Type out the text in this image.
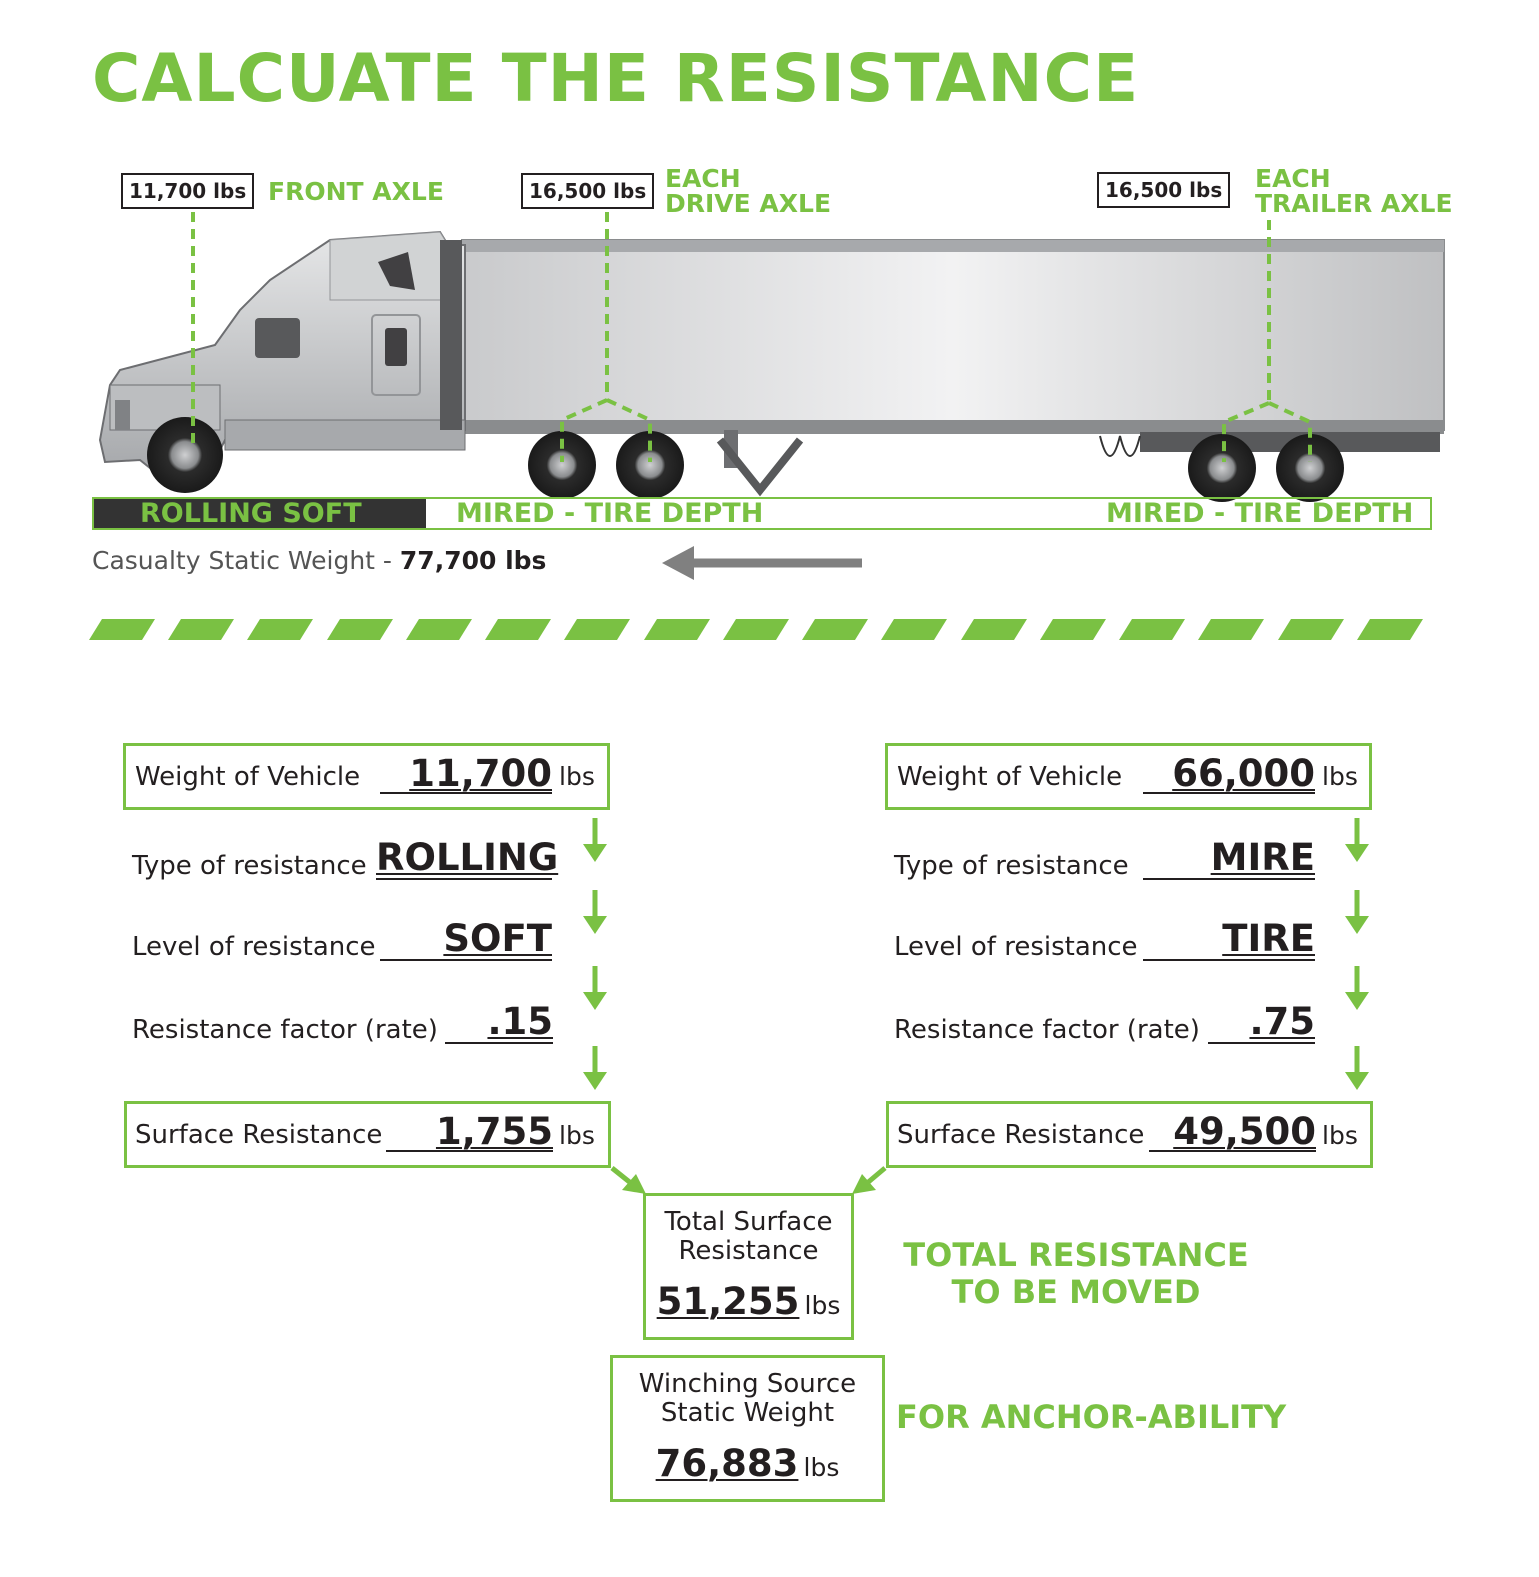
CALCUATE THE RESISTANCE
11,700 lbs FRONT AXLE	16,500 lbs EACH
DRIVE AXLE	16,500 lbs	EACH
TRAILER AXLE
ROLLING SOFT	MIRED - TIRE DEPTH	MIRED - TIRE DEPTH
Casualty Static Weight - 77,700 lbs
Weight of Vehicle	11,700 lbs
Type of resistance ROLLING
Level of resistance	SOFT
Resistance factor (rate)	.15
Surface Resistance	1,755 lbs
Weight of Vehicle	66,000 lbs
Type of resistance	MIRE
Level of resistance	TIRE
Resistance factor (rate)	.75
Surface Resistance 49,500 lbs
Total Surface
Resistance
51,255 lbs
TOTAL RESISTANCE
TO BE MOVED
Winching Source
Static Weight
76,883 lbs
FOR ANCHOR-ABILITY
